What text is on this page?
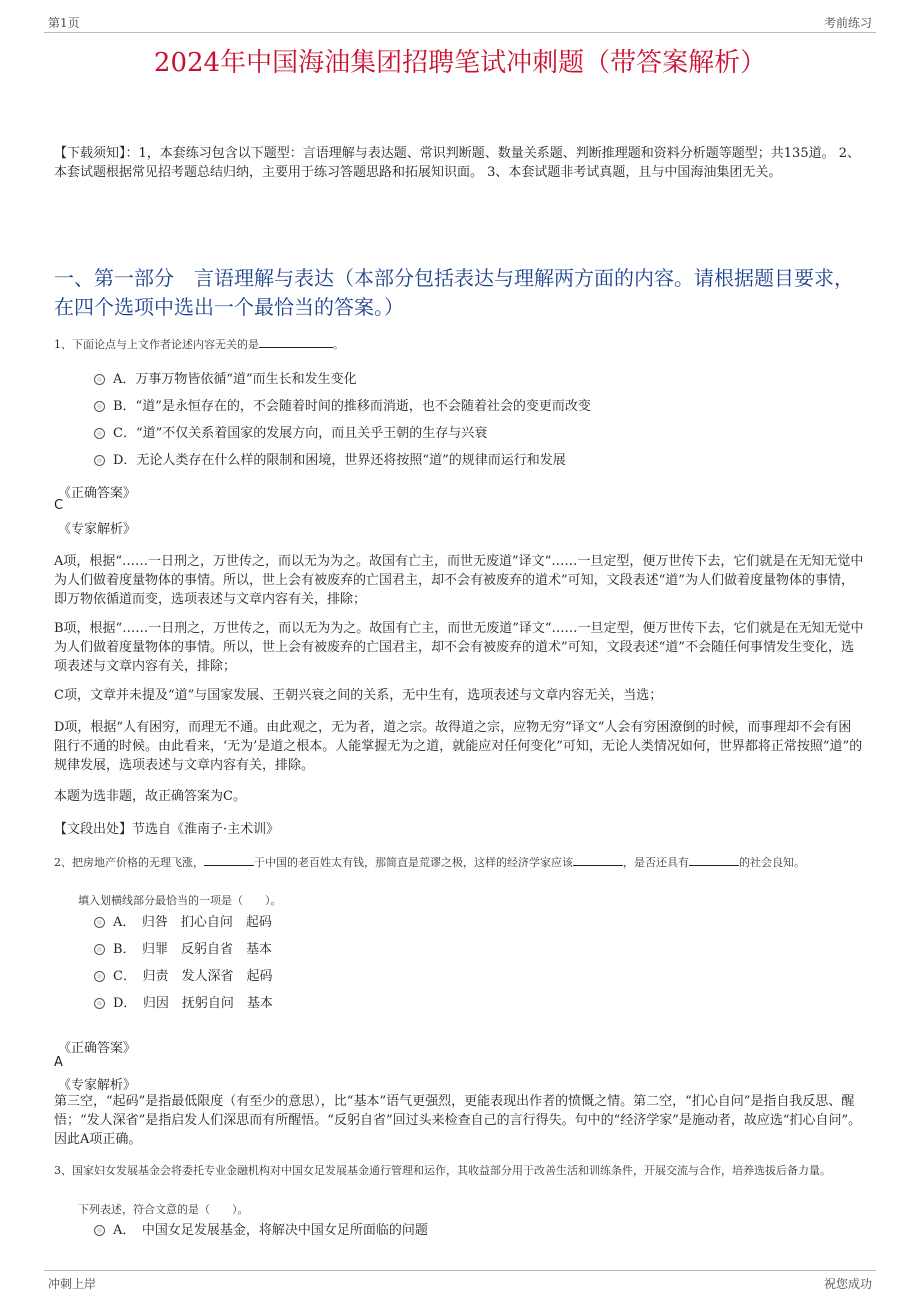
第1页	考前练习
2024年中国海油集团招聘笔试冲刺题（带答案解析）
【下载须知】：1，本套练习包含以下题型：言语理解与表达题、常识判断题、数量关系题、判断推理题和资料分析题等题型；共135道。 2、本套试题根据常见招考题总结归纳，主要用于练习答题思路和拓展知识面。 3、本套试题非考试真题，且与中国海油集团无关。
一、第一部分　言语理解与表达（本部分包括表达与理解两方面的内容。请根据题目要求，在四个选项中选出一个最恰当的答案。）
1、下面论点与上文作者论述内容无关的是	。
A．万事万物皆依循“道”而生长和发生变化
B．“道”是永恒存在的，不会随着时间的推移而消逝，也不会随着社会的变更而改变
C．“道”不仅关系着国家的发展方向，而且关乎王朝的生存与兴衰
D．无论人类存在什么样的限制和困境，世界还将按照“道”的规律而运行和发展
《正确答案》
C
《专家解析》
A项，根据“……一日刑之，万世传之，而以无为为之。故国有亡主，而世无废道”译文“……一旦定型，便万世传下去，它们就是在无知无觉中为人们做着度量物体的事情。所以，世上会有被废弃的亡国君主，却不会有被废弃的道术”可知，文段表述“道”为人们做着度量物体的事情，即万物依循道而变，选项表述与文章内容有关，排除；
B项，根据“……一日刑之，万世传之，而以无为为之。故国有亡主，而世无废道”译文“……一旦定型，便万世传下去，它们就是在无知无觉中为人们做着度量物体的事情。所以，世上会有被废弃的亡国君主，却不会有被废弃的道术”可知，文段表述“道”不会随任何事情发生变化，选项表述与文章内容有关，排除；
C项，文章并未提及“道”与国家发展、王朝兴衰之间的关系，无中生有，选项表述与文章内容无关，当选；
D项，根据“人有困穷，而理无不通。由此观之，无为者，道之宗。故得道之宗，应物无穷”译文“人会有穷困潦倒的时候，而事理却不会有困阻行不通的时候。由此看来，‘无为’是道之根本。人能掌握无为之道，就能应对任何变化”可知，无论人类情况如何，世界都将正常按照“道”的规律发展，选项表述与文章内容有关，排除。
本题为选非题，故正确答案为C。
【文段出处】节选自《淮南子·主术训》
2、把房地产价格的无理飞涨，	于中国的老百姓太有钱，那简直是荒谬之极，这样的经济学家应该	，是否还具有	的社会良知。
填入划横线部分最恰当的一项是（　　）。
A．　归咎　扪心自问　起码
B．　归罪　反躬自省　基本
C．　归责　发人深省　起码
D．　归因　抚躬自问　基本
《正确答案》
A
《专家解析》
第三空，“起码”是指最低限度（有至少的意思），比“基本”语气更强烈，更能表现出作者的愤慨之情。第二空，“扪心自问”是指自我反思、醒悟；“发人深省”是指启发人们深思而有所醒悟。“反躬自省”回过头来检查自己的言行得失。句中的“经济学家”是施动者，故应选“扪心自问”。因此A项正确。
3、国家妇女发展基金会将委托专业金融机构对中国女足发展基金通行管理和运作，其收益部分用于改善生活和训练条件，开展交流与合作，培养选拔后备力量。
下列表述，符合文意的是（　　）。
A．　中国女足发展基金，将解决中国女足所面临的问题
冲刺上岸	祝您成功
